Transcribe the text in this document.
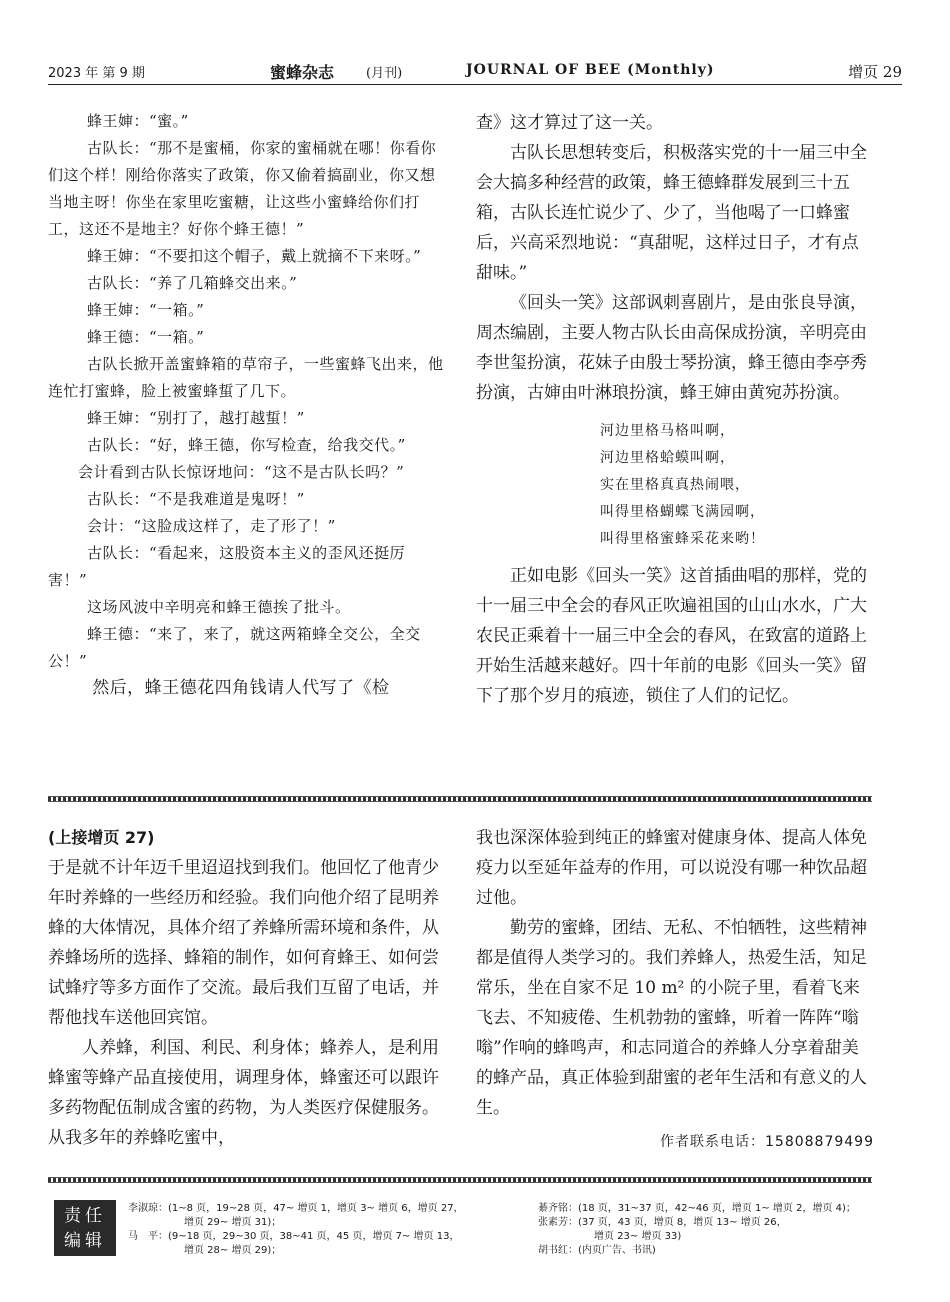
2023 年 第 9 期	蜜蜂杂志 (月刊)	JOURNAL OF BEE (Monthly)	增页 29

蜂王婶：“蜜。”

古队长：“那不是蜜桶，你家的蜜桶就在哪！你看你们这个样！刚给你落实了政策，你又偷着搞副业，你又想当地主呀！你坐在家里吃蜜糖，让这些小蜜蜂给你们打工，这还不是地主？好你个蜂王德！”

蜂王婶：“不要扣这个帽子，戴上就摘不下来呀。”

古队长：“养了几箱蜂交出来。”

蜂王婶：“一箱。”

蜂王德：“一箱。”

古队长掀开盖蜜蜂箱的草帘子，一些蜜蜂飞出来，他连忙打蜜蜂，脸上被蜜蜂蜇了几下。

蜂王婶：“别打了，越打越蜇！”

古队长：“好，蜂王德，你写检查，给我交代。”

会计看到古队长惊讶地问：“这不是古队长吗？”

古队长：“不是我难道是鬼呀！”

会计：“这脸成这样了，走了形了！”

古队长：“看起来，这股资本主义的歪风还挺厉害！”

这场风波中辛明亮和蜂王德挨了批斗。

蜂王德：“来了，来了，就这两箱蜂全交公，全交公！”

然后，蜂王德花四角钱请人代写了《检

查》这才算过了这一关。

古队长思想转变后，积极落实党的十一届三中全会大搞多种经营的政策，蜂王德蜂群发展到三十五箱，古队长连忙说少了、少了，当他喝了一口蜂蜜后，兴高采烈地说：“真甜呢，这样过日子，才有点甜味。”

《回头一笑》这部讽刺喜剧片，是由张良导演，周杰编剧，主要人物古队长由高保成扮演，辛明亮由李世玺扮演，花妹子由殷士琴扮演，蜂王德由李亭秀扮演，古婶由叶淋琅扮演，蜂王婶由黄宛苏扮演。

河边里格马格叫啊，
河边里格蛤蟆叫啊，
实在里格真真热闹喂，
叫得里格蝴蝶飞满园啊，
叫得里格蜜蜂采花来哟！

正如电影《回头一笑》这首插曲唱的那样，党的十一届三中全会的春风正吹遍祖国的山山水水，广大农民正乘着十一届三中全会的春风，在致富的道路上开始生活越来越好。四十年前的电影《回头一笑》留下了那个岁月的痕迹，锁住了人们的记忆。

(上接增页 27)

于是就不计年迈千里迢迢找到我们。他回忆了他青少年时养蜂的一些经历和经验。我们向他介绍了昆明养蜂的大体情况，具体介绍了养蜂所需环境和条件，从养蜂场所的选择、蜂箱的制作，如何育蜂王、如何尝试蜂疗等多方面作了交流。最后我们互留了电话，并帮他找车送他回宾馆。

人养蜂，利国、利民、利身体；蜂养人，是利用蜂蜜等蜂产品直接使用，调理身体，蜂蜜还可以跟许多药物配伍制成含蜜的药物，为人类医疗保健服务。从我多年的养蜂吃蜜中，

我也深深体验到纯正的蜂蜜对健康身体、提高人体免疫力以至延年益寿的作用，可以说没有哪一种饮品超过他。

勤劳的蜜蜂，团结、无私、不怕牺牲，这些精神都是值得人类学习的。我们养蜂人，热爱生活，知足常乐，坐在自家不足 10 m² 的小院子里，看着飞来飞去、不知疲倦、生机勃勃的蜜蜂，听着一阵阵“嗡嗡”作响的蜂鸣声，和志同道合的养蜂人分享着甜美的蜂产品，真正体验到甜蜜的老年生活和有意义的人生。

作者联系电话：15808879499

责任
编辑
李淑琼：(1~8 页，19~28 页，47~ 增页 1，增页 3~ 增页 6，增页 27，
增页 29~ 增页 31)；
马　平：(9~18 页，29~30 页，38~41 页，45 页，增页 7~ 增页 13，
增页 28~ 增页 29)；
綦齐铭：(18 页，31~37 页，42~46 页，增页 1~ 增页 2，增页 4)；
张素芳：(37 页，43 页，增页 8，增页 13~ 增页 26，
增页 23~ 增页 33)
胡书红：(内页广告、书讯)
